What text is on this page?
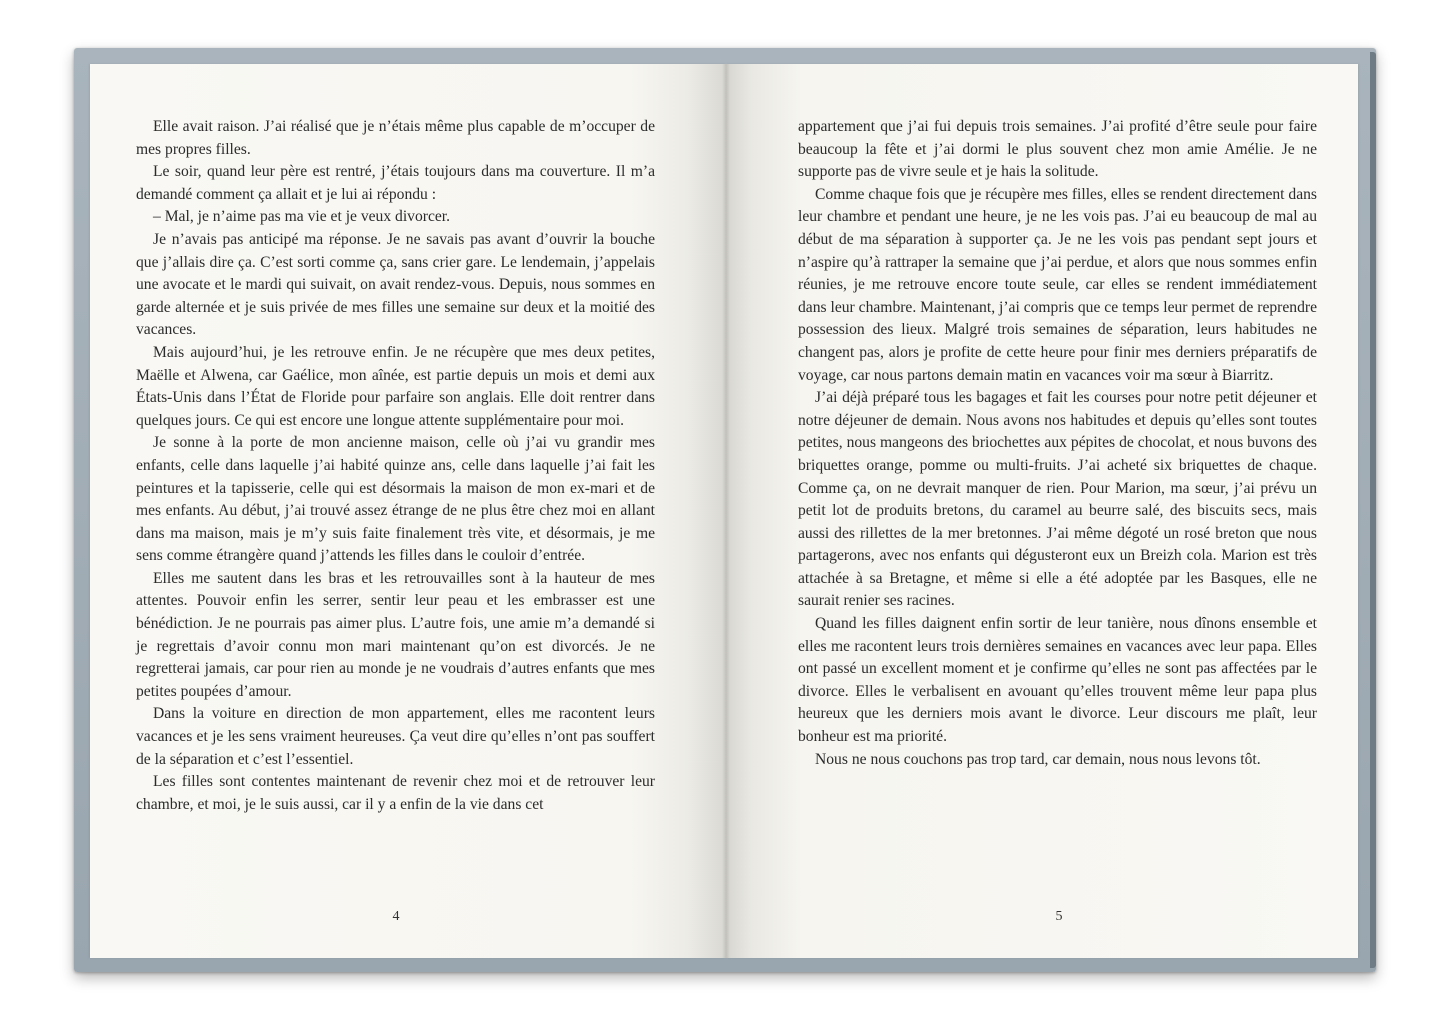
Elle avait raison. J’ai réalisé que je n’étais même plus capable de m’occuper de mes propres filles.

Le soir, quand leur père est rentré, j’étais toujours dans ma couverture. Il m’a demandé comment ça allait et je lui ai répondu :

– Mal, je n’aime pas ma vie et je veux divorcer.

Je n’avais pas anticipé ma réponse. Je ne savais pas avant d’ouvrir la bouche que j’allais dire ça. C’est sorti comme ça, sans crier gare. Le lendemain, j’appelais une avocate et le mardi qui suivait, on avait rendez-vous. Depuis, nous sommes en garde alternée et je suis privée de mes filles une semaine sur deux et la moitié des vacances.

Mais aujourd’hui, je les retrouve enfin. Je ne récupère que mes deux petites, Maëlle et Alwena, car Gaélice, mon aînée, est partie depuis un mois et demi aux États-Unis dans l’État de Floride pour parfaire son anglais. Elle doit rentrer dans quelques jours. Ce qui est encore une longue attente supplémentaire pour moi.

Je sonne à la porte de mon ancienne maison, celle où j’ai vu grandir mes enfants, celle dans laquelle j’ai habité quinze ans, celle dans laquelle j’ai fait les peintures et la tapisserie, celle qui est désormais la maison de mon ex-mari et de mes enfants. Au début, j’ai trouvé assez étrange de ne plus être chez moi en allant dans ma maison, mais je m’y suis faite finalement très vite, et désormais, je me sens comme étrangère quand j’attends les filles dans le couloir d’entrée.

Elles me sautent dans les bras et les retrouvailles sont à la hauteur de mes attentes. Pouvoir enfin les serrer, sentir leur peau et les embrasser est une bénédiction. Je ne pourrais pas aimer plus. L’autre fois, une amie m’a demandé si je regrettais d’avoir connu mon mari maintenant qu’on est divorcés. Je ne regretterai jamais, car pour rien au monde je ne voudrais d’autres enfants que mes petites poupées d’amour.

Dans la voiture en direction de mon appartement, elles me racontent leurs vacances et je les sens vraiment heureuses. Ça veut dire qu’elles n’ont pas souffert de la séparation et c’est l’essentiel.

Les filles sont contentes maintenant de revenir chez moi et de retrouver leur chambre, et moi, je le suis aussi, car il y a enfin de la vie dans cet

4

appartement que j’ai fui depuis trois semaines. J’ai profité d’être seule pour faire beaucoup la fête et j’ai dormi le plus souvent chez mon amie Amélie. Je ne supporte pas de vivre seule et je hais la solitude.

Comme chaque fois que je récupère mes filles, elles se rendent directement dans leur chambre et pendant une heure, je ne les vois pas. J’ai eu beaucoup de mal au début de ma séparation à supporter ça. Je ne les vois pas pendant sept jours et n’aspire qu’à rattraper la semaine que j’ai perdue, et alors que nous sommes enfin réunies, je me retrouve encore toute seule, car elles se rendent immédiatement dans leur chambre. Maintenant, j’ai compris que ce temps leur permet de reprendre possession des lieux. Malgré trois semaines de séparation, leurs habitudes ne changent pas, alors je profite de cette heure pour finir mes derniers préparatifs de voyage, car nous partons demain matin en vacances voir ma sœur à Biarritz.

J’ai déjà préparé tous les bagages et fait les courses pour notre petit déjeuner et notre déjeuner de demain. Nous avons nos habitudes et depuis qu’elles sont toutes petites, nous mangeons des briochettes aux pépites de chocolat, et nous buvons des briquettes orange, pomme ou multi-fruits. J’ai acheté six briquettes de chaque. Comme ça, on ne devrait manquer de rien. Pour Marion, ma sœur, j’ai prévu un petit lot de produits bretons, du caramel au beurre salé, des biscuits secs, mais aussi des rillettes de la mer bretonnes. J’ai même dégoté un rosé breton que nous partagerons, avec nos enfants qui dégusteront eux un Breizh cola. Marion est très attachée à sa Bretagne, et même si elle a été adoptée par les Basques, elle ne saurait renier ses racines.

Quand les filles daignent enfin sortir de leur tanière, nous dînons ensemble et elles me racontent leurs trois dernières semaines en vacances avec leur papa. Elles ont passé un excellent moment et je confirme qu’elles ne sont pas affectées par le divorce. Elles le verbalisent en avouant qu’elles trouvent même leur papa plus heureux que les derniers mois avant le divorce. Leur discours me plaît, leur bonheur est ma priorité.

Nous ne nous couchons pas trop tard, car demain, nous nous levons tôt.

5
